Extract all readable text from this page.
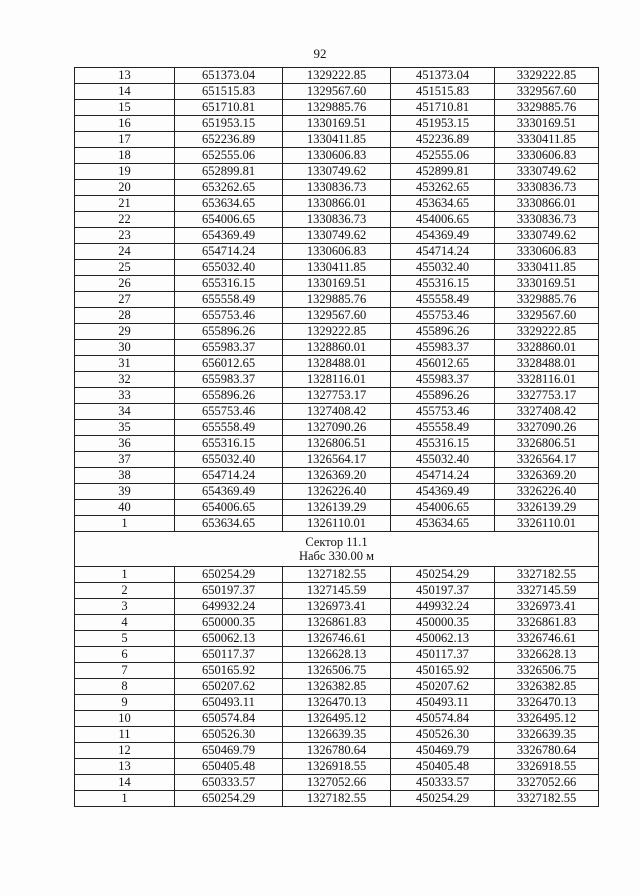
92
13	651373.04	1329222.85	451373.04	3329222.85
14	651515.83	1329567.60	451515.83	3329567.60
15	651710.81	1329885.76	451710.81	3329885.76
16	651953.15	1330169.51	451953.15	3330169.51
17	652236.89	1330411.85	452236.89	3330411.85
18	652555.06	1330606.83	452555.06	3330606.83
19	652899.81	1330749.62	452899.81	3330749.62
20	653262.65	1330836.73	453262.65	3330836.73
21	653634.65	1330866.01	453634.65	3330866.01
22	654006.65	1330836.73	454006.65	3330836.73
23	654369.49	1330749.62	454369.49	3330749.62
24	654714.24	1330606.83	454714.24	3330606.83
25	655032.40	1330411.85	455032.40	3330411.85
26	655316.15	1330169.51	455316.15	3330169.51
27	655558.49	1329885.76	455558.49	3329885.76
28	655753.46	1329567.60	455753.46	3329567.60
29	655896.26	1329222.85	455896.26	3329222.85
30	655983.37	1328860.01	455983.37	3328860.01
31	656012.65	1328488.01	456012.65	3328488.01
32	655983.37	1328116.01	455983.37	3328116.01
33	655896.26	1327753.17	455896.26	3327753.17
34	655753.46	1327408.42	455753.46	3327408.42
35	655558.49	1327090.26	455558.49	3327090.26
36	655316.15	1326806.51	455316.15	3326806.51
37	655032.40	1326564.17	455032.40	3326564.17
38	654714.24	1326369.20	454714.24	3326369.20
39	654369.49	1326226.40	454369.49	3326226.40
40	654006.65	1326139.29	454006.65	3326139.29
1	653634.65	1326110.01	453634.65	3326110.01

Сектор 11.1
Набс 330.00 м				

1	650254.29	1327182.55	450254.29	3327182.55
2	650197.37	1327145.59	450197.37	3327145.59
3	649932.24	1326973.41	449932.24	3326973.41
4	650000.35	1326861.83	450000.35	3326861.83
5	650062.13	1326746.61	450062.13	3326746.61
6	650117.37	1326628.13	450117.37	3326628.13
7	650165.92	1326506.75	450165.92	3326506.75
8	650207.62	1326382.85	450207.62	3326382.85
9	650493.11	1326470.13	450493.11	3326470.13
10	650574.84	1326495.12	450574.84	3326495.12
11	650526.30	1326639.35	450526.30	3326639.35
12	650469.79	1326780.64	450469.79	3326780.64
13	650405.48	1326918.55	450405.48	3326918.55
14	650333.57	1327052.66	450333.57	3327052.66
1	650254.29	1327182.55	450254.29	3327182.55
